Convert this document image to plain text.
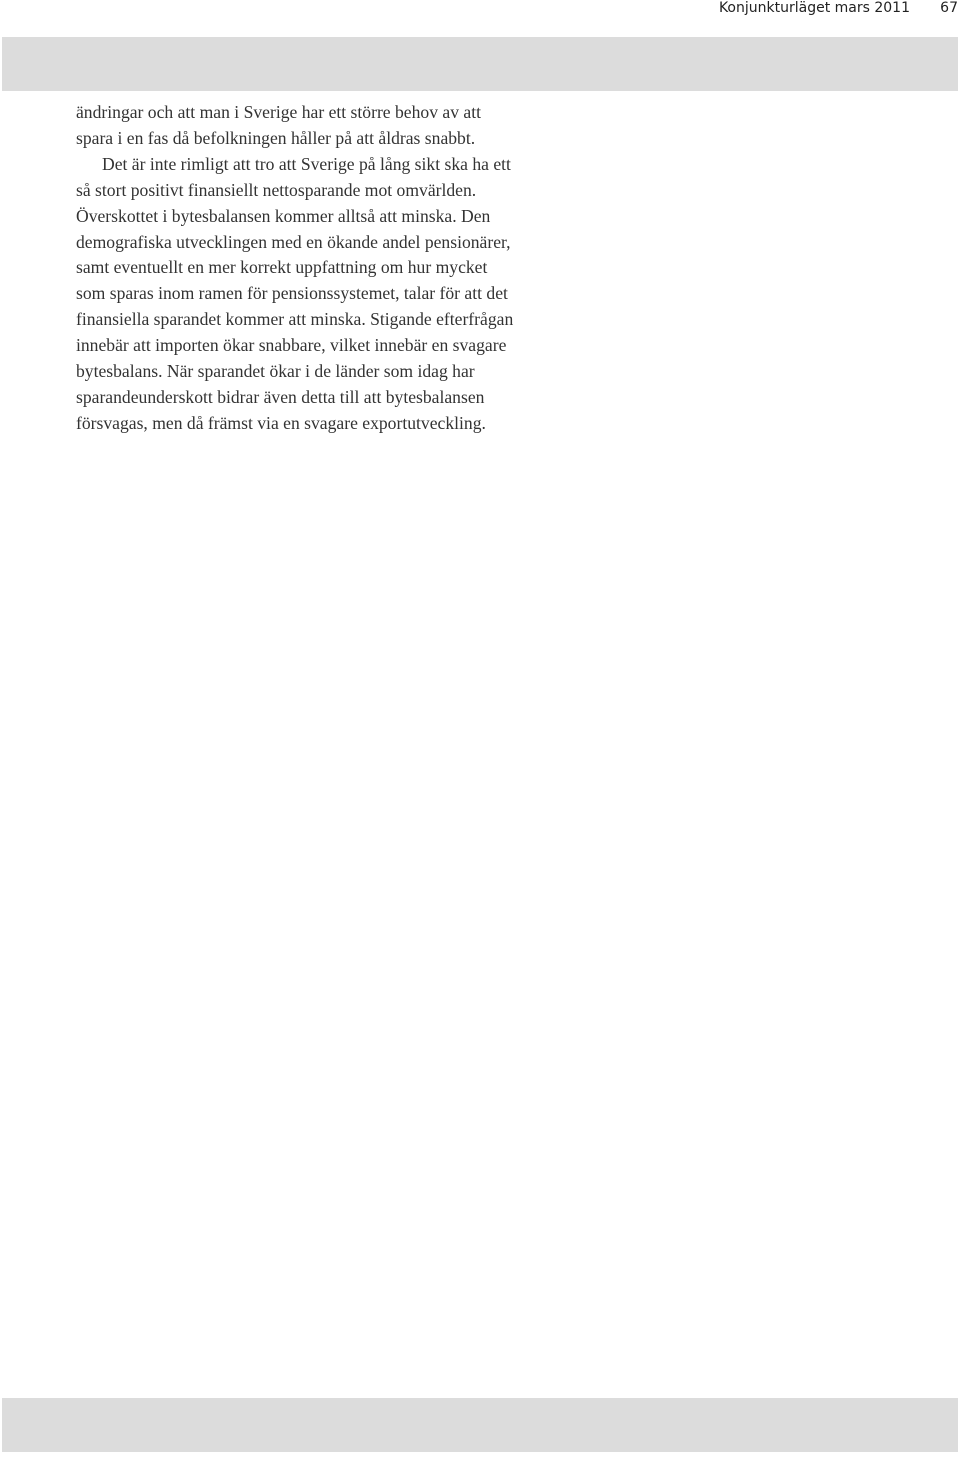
Konjunkturläget mars 2011 67

ändringar och att man i Sverige har ett större behov av att
spara i en fas då befolkningen håller på att åldras snabbt.

Det är inte rimligt att tro att Sverige på lång sikt ska ha ett
så stort positivt finansiellt nettosparande mot omvärlden.
Överskottet i bytesbalansen kommer alltså att minska. Den
demografiska utvecklingen med en ökande andel pensionärer,
samt eventuellt en mer korrekt uppfattning om hur mycket
som sparas inom ramen för pensionssystemet, talar för att det
finansiella sparandet kommer att minska. Stigande efterfrågan
innebär att importen ökar snabbare, vilket innebär en svagare
bytesbalans. När sparandet ökar i de länder som idag har
sparandeunderskott bidrar även detta till att bytesbalansen
försvagas, men då främst via en svagare exportutveckling.
